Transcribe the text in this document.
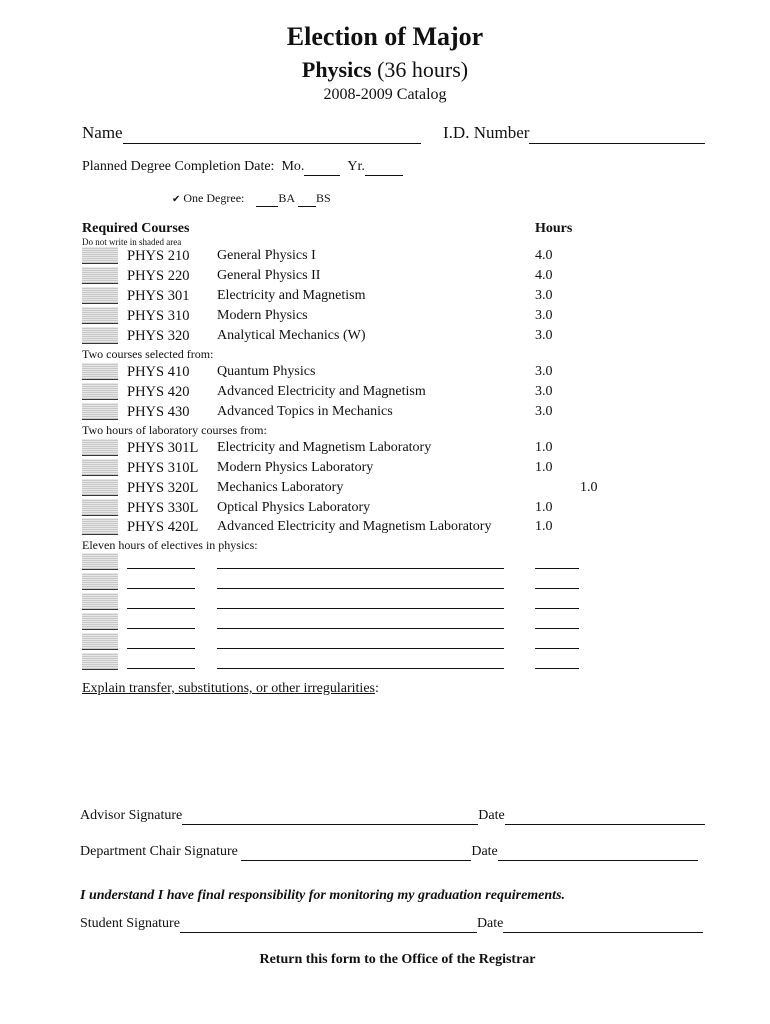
Election of Major
Physics (36 hours)
2008-2009 Catalog
Name	I.D. Number
Planned Degree Completion Date: Mo.	Yr.
✔ One Degree:	BA BS
Required Courses	Hours
Do not write in shaded area
PHYS 210 General Physics I	4.0
PHYS 220 General Physics II	4.0
PHYS 301 Electricity and Magnetism	3.0
PHYS 310 Modern Physics	3.0
PHYS 320 Analytical Mechanics (W)	3.0
Two courses selected from:
PHYS 410 Quantum Physics	3.0
PHYS 420 Advanced Electricity and Magnetism	3.0
PHYS 430 Advanced Topics in Mechanics	3.0
Two hours of laboratory courses from:
PHYS 301L Electricity and Magnetism Laboratory	1.0
PHYS 310L Modern Physics Laboratory	1.0
PHYS 320L Mechanics Laboratory	1.0
PHYS 330L Optical Physics Laboratory	1.0
PHYS 420L Advanced Electricity and Magnetism Laboratory	1.0
Eleven hours of electives in physics:
Explain transfer, substitutions, or other irregularities:
Advisor Signature	Date
Department Chair Signature	Date
I understand I have final responsibility for monitoring my graduation requirements.
Student Signature	Date
Return this form to the Office of the Registrar
